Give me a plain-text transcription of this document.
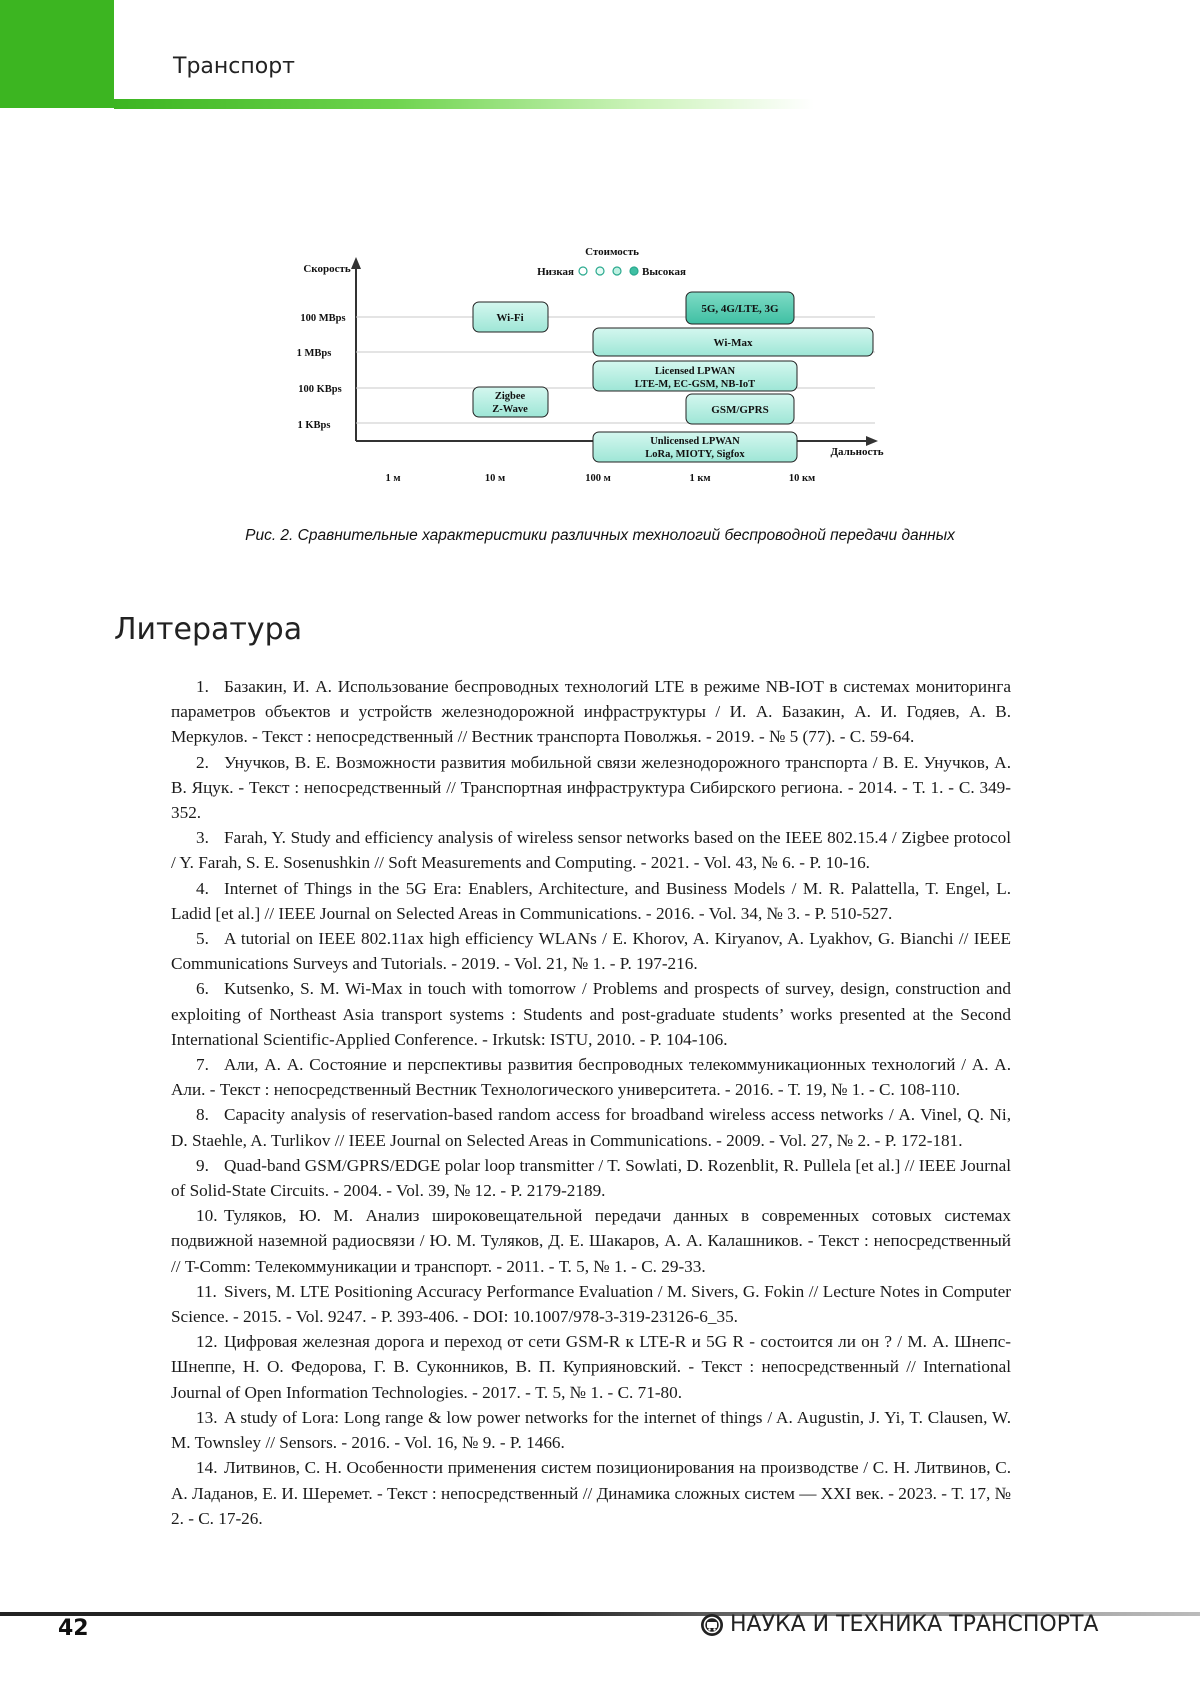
Транспорт
Стоимость
Низкая	Высокая
Скорость
Дальность
100 MBps
1 MBps
100 KBps
1 KBps
1 м	10 м	100 м	1 км	10 км
Wi-Fi
5G, 4G/LTE, 3G
Wi-Max
Licensed LPWAN
LTE-M, EC-GSM, NB-IoT
Zigbee
Z-Wave	GSM/GPRS
Unlicensed LPWAN
LoRa, MIOTY, Sigfox
Рис. 2. Сравнительные характеристики различных технологий беспроводной передачи данных
Литература
1. Базакин, И. А. Использование беспроводных технологий LTE в режиме NB-IOT в системах мониторинга параметров объектов и устройств железнодорожной инфраструктуры / И. А. Базакин, А. И. Годяев, А. В. Меркулов. - Текст : непосредственный // Вестник транспорта Поволжья. - 2019. - № 5 (77). - С. 59-64.
2. Унучков, В. Е. Возможности развития мобильной связи железнодорожного транспорта / В. Е. Унучков, А. В. Яцук. - Текст : непосредственный // Транспортная инфраструктура Сибирского региона. - 2014. - Т. 1. - С. 349-352.
3. Farah, Y. Study and efficiency analysis of wireless sensor networks based on the IEEE 802.15.4 / Zigbee protocol / Y. Farah, S. E. Sosenushkin // Soft Measurements and Computing. - 2021. - Vol. 43, № 6. - P. 10-16.
4. Internet of Things in the 5G Era: Enablers, Architecture, and Business Models / M. R. Palattella, T. Engel, L. Ladid [et al.] // IEEE Journal on Selected Areas in Communications. - 2016. - Vol. 34, № 3. - P. 510-527.
5. A tutorial on IEEE 802.11ax high efficiency WLANs / E. Khorov, A. Kiryanov, A. Lyakhov, G. Bianchi // IEEE Communications Surveys and Tutorials. - 2019. - Vol. 21, № 1. - P. 197-216.
6. Kutsenko, S. M. Wi-Max in touch with tomorrow / Problems and prospects of survey, design, construction and exploiting of Northeast Asia transport systems : Students and post-graduate students’ works presented at the Second International Scientific-Applied Conference. - Irkutsk: ISTU, 2010. - P. 104-106.
7. Али, А. А. Состояние и перспективы развития беспроводных телекоммуникационных технологий / А. А. Али. - Текст : непосредственный Вестник Технологического университета. - 2016. - Т. 19, № 1. - С. 108-110.
8. Capacity analysis of reservation-based random access for broadband wireless access networks / A. Vinel, Q. Ni, D. Staehle, A. Turlikov // IEEE Journal on Selected Areas in Communications. - 2009. - Vol. 27, № 2. - P. 172-181.
9. Quad-band GSM/GPRS/EDGE polar loop transmitter / T. Sowlati, D. Rozenblit, R. Pullela [et al.] // IEEE Journal of Solid-State Circuits. - 2004. - Vol. 39, № 12. - P. 2179-2189.
10. Туляков, Ю. М. Анализ широковещательной передачи данных в современных сотовых системах подвижной наземной радиосвязи / Ю. М. Туляков, Д. Е. Шакаров, А. А. Калашников. - Текст : непосредственный // T-Comm: Телекоммуникации и транспорт. - 2011. - Т. 5, № 1. - С. 29-33.
11. Sivers, M. LTE Positioning Accuracy Performance Evaluation / M. Sivers, G. Fokin // Lecture Notes in Computer Science. - 2015. - Vol. 9247. - P. 393-406. - DOI: 10.1007/978-3-319-23126-6_35.
12. Цифровая железная дорога и переход от сети GSM-R к LTE-R и 5G R - состоится ли он ? / М. А. Шнепс-Шнеппе, Н. О. Федорова, Г. В. Суконников, В. П. Куприяновский. - Текст : непосредственный // International Journal of Open Information Technologies. - 2017. - Т. 5, № 1. - С. 71-80.
13. A study of Lora: Long range & low power networks for the internet of things / A. Augustin, J. Yi, T. Clausen, W. M. Townsley // Sensors. - 2016. - Vol. 16, № 9. - P. 1466.
14. Литвинов, С. Н. Особенности применения систем позиционирования на производстве / С. Н. Литвинов, С. А. Ладанов, Е. И. Шеремет. - Текст : непосредственный // Динамика сложных систем — XXI век. - 2023. - Т. 17, № 2. - С. 17-26.
42	НАУКА И ТЕХНИКА ТРАНСПОРТА
